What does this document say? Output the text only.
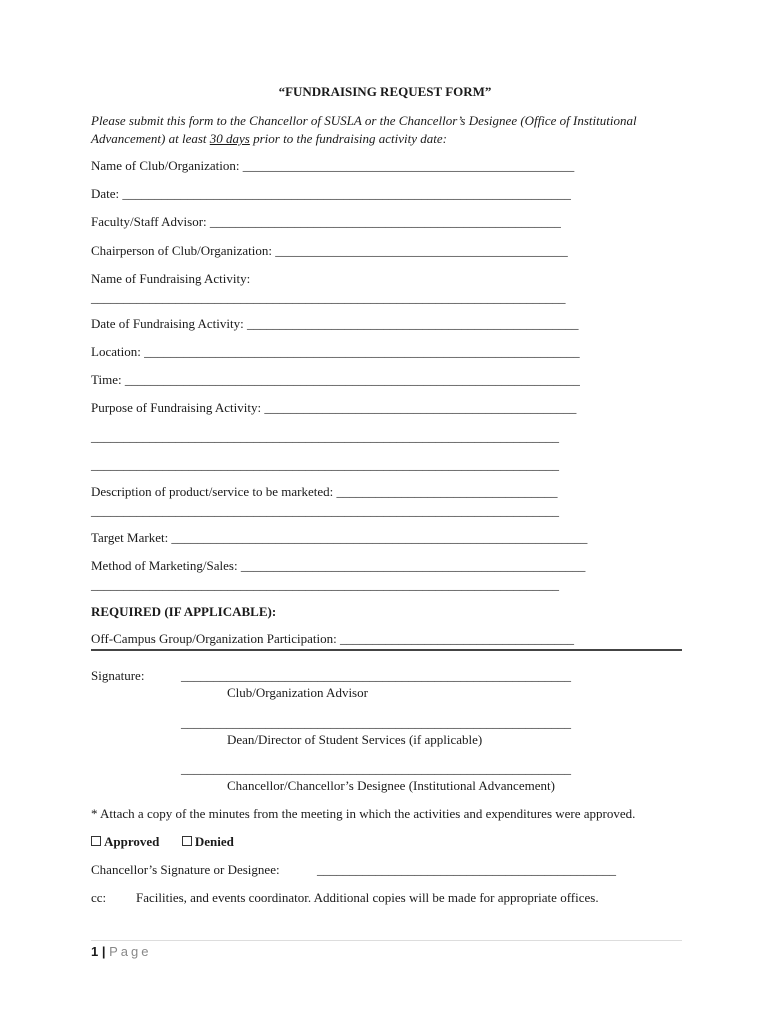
“FUNDRAISING REQUEST FORM”
Please submit this form to the Chancellor of SUSLA or the Chancellor’s Designee (Office of Institutional Advancement) at least 30 days prior to the fundraising activity date:
Name of Club/Organization: ___________________________________________________
Date: _____________________________________________________________________
Faculty/Staff Advisor: ______________________________________________________
Chairperson of Club/Organization: _____________________________________________
Name of Fundraising Activity:
_________________________________________________________________________
Date of Fundraising Activity: ___________________________________________________
Location: ___________________________________________________________________
Time: ______________________________________________________________________
Purpose of Fundraising Activity: ________________________________________________
________________________________________________________________________
________________________________________________________________________
Description of product/service to be marketed: __________________________________
________________________________________________________________________
Target Market: ________________________________________________________________
Method of Marketing/Sales: _____________________________________________________
________________________________________________________________________
REQUIRED (IF APPLICABLE):
Off-Campus Group/Organization Participation: ____________________________________
Signature:	____________________________________________________________
Club/Organization Advisor
____________________________________________________________
Dean/Director of Student Services (if applicable)
____________________________________________________________
Chancellor/Chancellor’s Designee (Institutional Advancement)
* Attach a copy of the minutes from the meeting in which the activities and expenditures were approved.
Approved	Denied
Chancellor’s Signature or Designee:	______________________________________________
cc: Facilities, and events coordinator. Additional copies will be made for appropriate offices.
1 | Page
